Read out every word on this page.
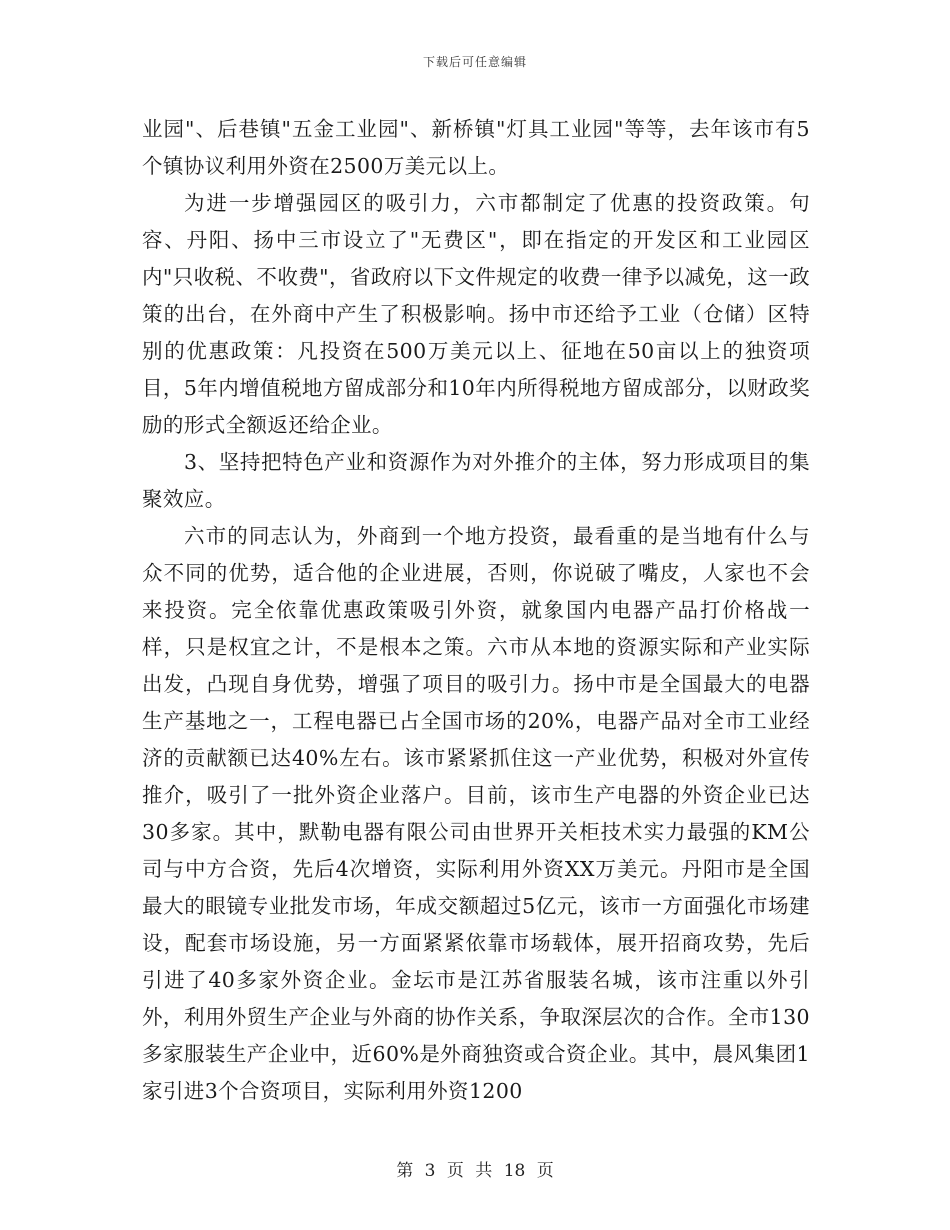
下载后可任意编辑

业园"、后巷镇"五金工业园"、新桥镇"灯具工业园"等等，去年该市有5个镇协议利用外资在2500万美元以上。

为进一步增强园区的吸引力，六市都制定了优惠的投资政策。句容、丹阳、扬中三市设立了"无费区"，即在指定的开发区和工业园区内"只收税、不收费"，省政府以下文件规定的收费一律予以减免，这一政策的出台，在外商中产生了积极影响。扬中市还给予工业（仓储）区特别的优惠政策：凡投资在500万美元以上、征地在50亩以上的独资项目，5年内增值税地方留成部分和10年内所得税地方留成部分，以财政奖励的形式全额返还给企业。

3、坚持把特色产业和资源作为对外推介的主体，努力形成项目的集聚效应。

六市的同志认为，外商到一个地方投资，最看重的是当地有什么与众不同的优势，适合他的企业进展，否则，你说破了嘴皮，人家也不会来投资。完全依靠优惠政策吸引外资，就象国内电器产品打价格战一样，只是权宜之计，不是根本之策。六市从本地的资源实际和产业实际出发，凸现自身优势，增强了项目的吸引力。扬中市是全国最大的电器生产基地之一，工程电器已占全国市场的20%，电器产品对全市工业经济的贡献额已达40%左右。该市紧紧抓住这一产业优势，积极对外宣传推介，吸引了一批外资企业落户。目前，该市生产电器的外资企业已达30多家。其中，默勒电器有限公司由世界开关柜技术实力最强的KM公司与中方合资，先后4次增资，实际利用外资XX万美元。丹阳市是全国最大的眼镜专业批发市场，年成交额超过5亿元，该市一方面强化市场建设，配套市场设施，另一方面紧紧依靠市场载体，展开招商攻势，先后引进了40多家外资企业。金坛市是江苏省服装名城，该市注重以外引外，利用外贸生产企业与外商的协作关系，争取深层次的合作。全市130多家服装生产企业中，近60%是外商独资或合资企业。其中，晨风集团1家引进3个合资项目，实际利用外资1200

第 3 页 共 18 页
